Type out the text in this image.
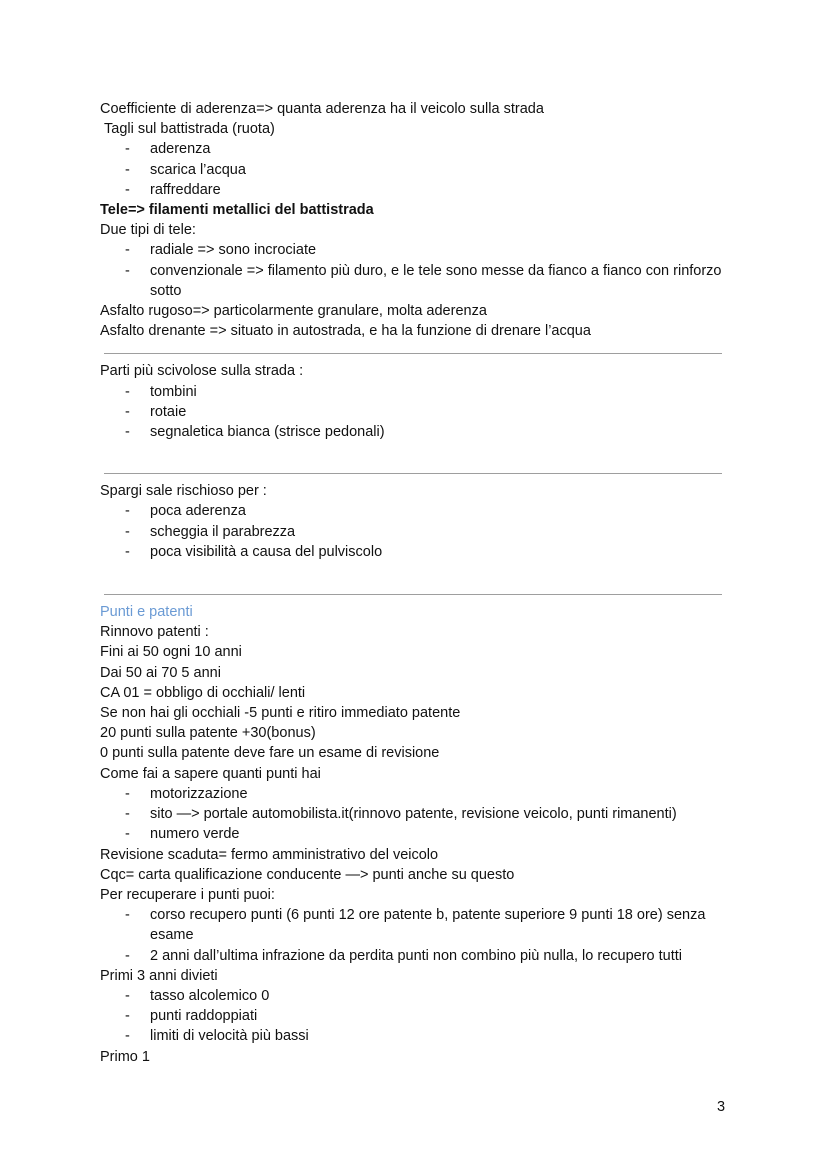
Coefficiente di aderenza=> quanta aderenza ha il veicolo sulla strada
Tagli sul battistrada (ruota)
- aderenza
- scarica l’acqua
- raffreddare
Tele=> filamenti metallici del battistrada
Due tipi di tele:
- radiale => sono incrociate
- convenzionale => filamento più duro, e le tele sono messe da fianco a fianco con rinforzo sotto
Asfalto rugoso=> particolarmente granulare, molta aderenza
Asfalto drenante => situato in autostrada, e ha la funzione di drenare l’acqua
Parti più scivolose sulla strada :
- tombini
- rotaie
- segnaletica bianca (strisce pedonali)
Spargi sale rischioso per :
- poca aderenza
- scheggia il parabrezza
- poca visibilità a causa del pulviscolo
Punti e patenti
Rinnovo patenti :
Fini ai 50 ogni 10 anni
Dai 50 ai 70 5 anni
CA 01 = obbligo di occhiali/ lenti
Se non hai gli occhiali -5 punti e ritiro immediato patente
20 punti sulla patente +30(bonus)
0 punti sulla patente deve fare un esame di revisione
Come fai a sapere quanti punti hai
- motorizzazione
- sito —> portale automobilista.it(rinnovo patente, revisione veicolo, punti rimanenti)
- numero verde
Revisione scaduta= fermo amministrativo del veicolo
Cqc= carta qualificazione conducente —> punti anche su questo
Per recuperare i punti puoi:
- corso recupero punti (6 punti 12 ore patente b, patente superiore 9 punti 18 ore) senza esame
- 2 anni dall’ultima infrazione da perdita punti non combino più nulla, lo recupero tutti
Primi 3 anni divieti
- tasso alcolemico 0
- punti raddoppiati
- limiti di velocità più bassi
Primo 1
3
